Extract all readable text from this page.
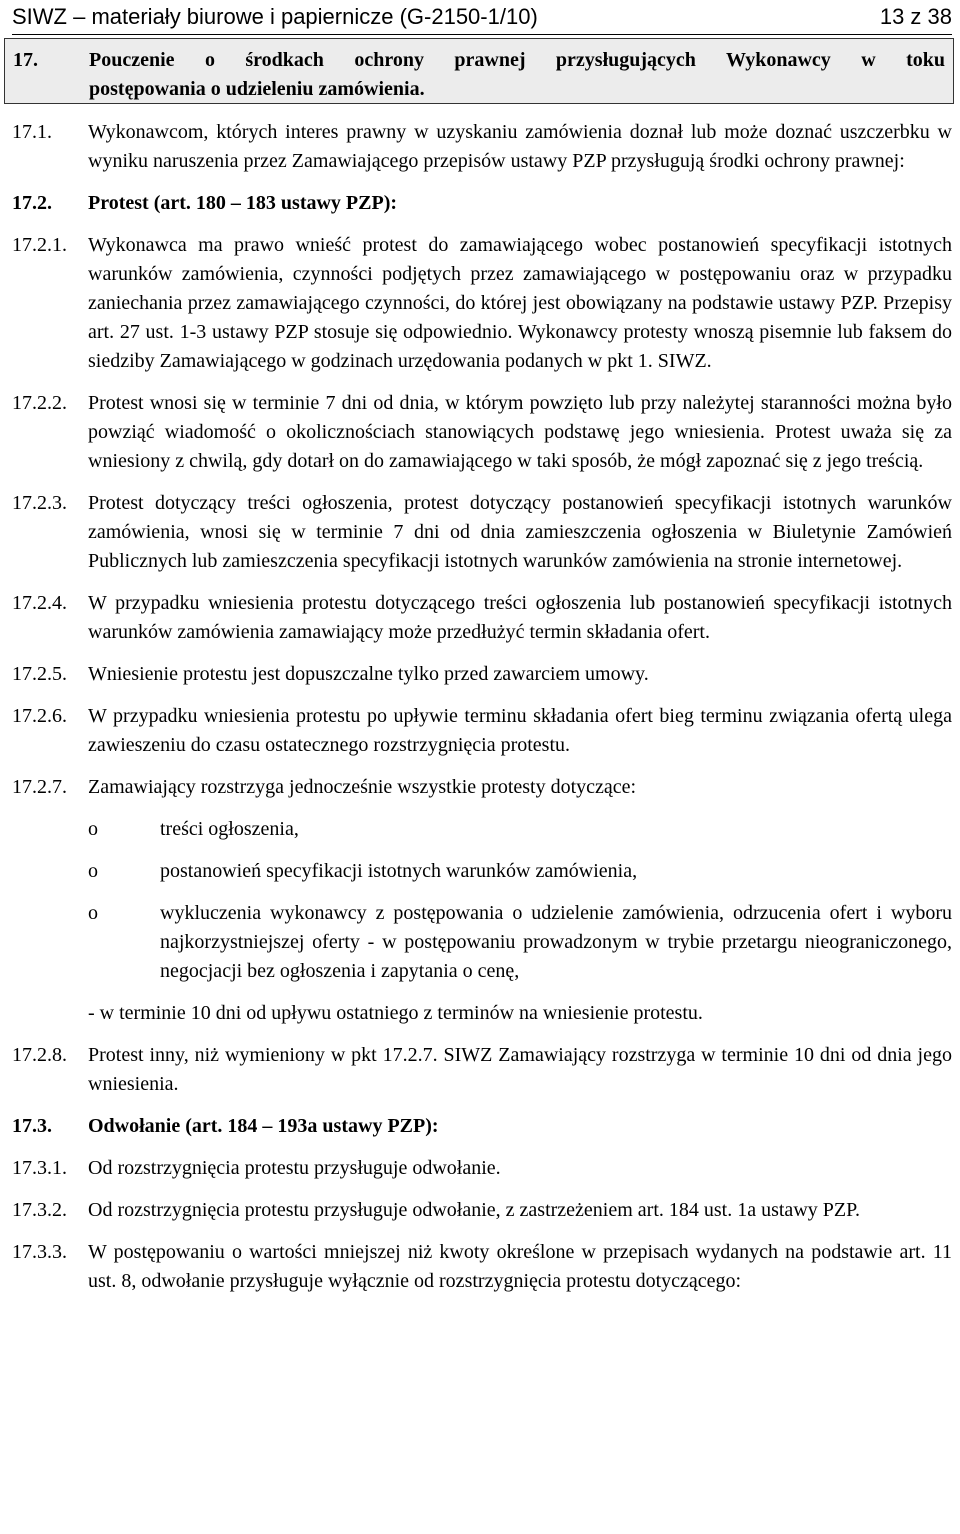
SIWZ – materiały biurowe i papiernicze (G-2150-1/10)	13 z 38
17.	Pouczenie o środkach ochrony prawnej przysługujących Wykonawcy w toku
postępowania o udzieleniu zamówienia.
17.1. Wykonawcom, których interes prawny w uzyskaniu zamówienia doznał lub może doznać uszczerbku w wyniku naruszenia przez Zamawiającego przepisów ustawy PZP przysługują środki ochrony prawnej:
17.2. Protest (art. 180 – 183 ustawy PZP):
17.2.1. Wykonawca ma prawo wnieść protest do zamawiającego wobec postanowień specyfikacji istotnych warunków zamówienia, czynności podjętych przez zamawiającego w postępowaniu oraz w przypadku zaniechania przez zamawiającego czynności, do której jest obowiązany na podstawie ustawy PZP. Przepisy art. 27 ust. 1-3 ustawy PZP stosuje się odpowiednio. Wykonawcy protesty wnoszą pisemnie lub faksem do siedziby Zamawiającego w godzinach urzędowania podanych w pkt 1. SIWZ.
17.2.2. Protest wnosi się w terminie 7 dni od dnia, w którym powzięto lub przy należytej staranności można było powziąć wiadomość o okolicznościach stanowiących podstawę jego wniesienia. Protest uważa się za wniesiony z chwilą, gdy dotarł on do zamawiającego w taki sposób, że mógł zapoznać się z jego treścią.
17.2.3. Protest dotyczący treści ogłoszenia, protest dotyczący postanowień specyfikacji istotnych warunków zamówienia, wnosi się w terminie 7 dni od dnia zamieszczenia ogłoszenia w Biuletynie Zamówień Publicznych lub zamieszczenia specyfikacji istotnych warunków zamówienia na stronie internetowej.
17.2.4. W przypadku wniesienia protestu dotyczącego treści ogłoszenia lub postanowień specyfikacji istotnych warunków zamówienia zamawiający może przedłużyć termin składania ofert.
17.2.5. Wniesienie protestu jest dopuszczalne tylko przed zawarciem umowy.
17.2.6. W przypadku wniesienia protestu po upływie terminu składania ofert bieg terminu związania ofertą ulega zawieszeniu do czasu ostatecznego rozstrzygnięcia protestu.
17.2.7. Zamawiający rozstrzyga jednocześnie wszystkie protesty dotyczące:
o	treści ogłoszenia,
o	postanowień specyfikacji istotnych warunków zamówienia,
o	wykluczenia wykonawcy z postępowania o udzielenie zamówienia, odrzucenia ofert i wyboru najkorzystniejszej oferty - w postępowaniu prowadzonym w trybie przetargu nieograniczonego, negocjacji bez ogłoszenia i zapytania o cenę,
- w terminie 10 dni od upływu ostatniego z terminów na wniesienie protestu.
17.2.8. Protest inny, niż wymieniony w pkt 17.2.7. SIWZ Zamawiający rozstrzyga w terminie 10 dni od dnia jego wniesienia.
17.3. Odwołanie (art. 184 – 193a ustawy PZP):
17.3.1. Od rozstrzygnięcia protestu przysługuje odwołanie.
17.3.2. Od rozstrzygnięcia protestu przysługuje odwołanie, z zastrzeżeniem art. 184 ust. 1a ustawy PZP.
17.3.3. W postępowaniu o wartości mniejszej niż kwoty określone w przepisach wydanych na podstawie art. 11 ust. 8, odwołanie przysługuje wyłącznie od rozstrzygnięcia protestu dotyczącego:
